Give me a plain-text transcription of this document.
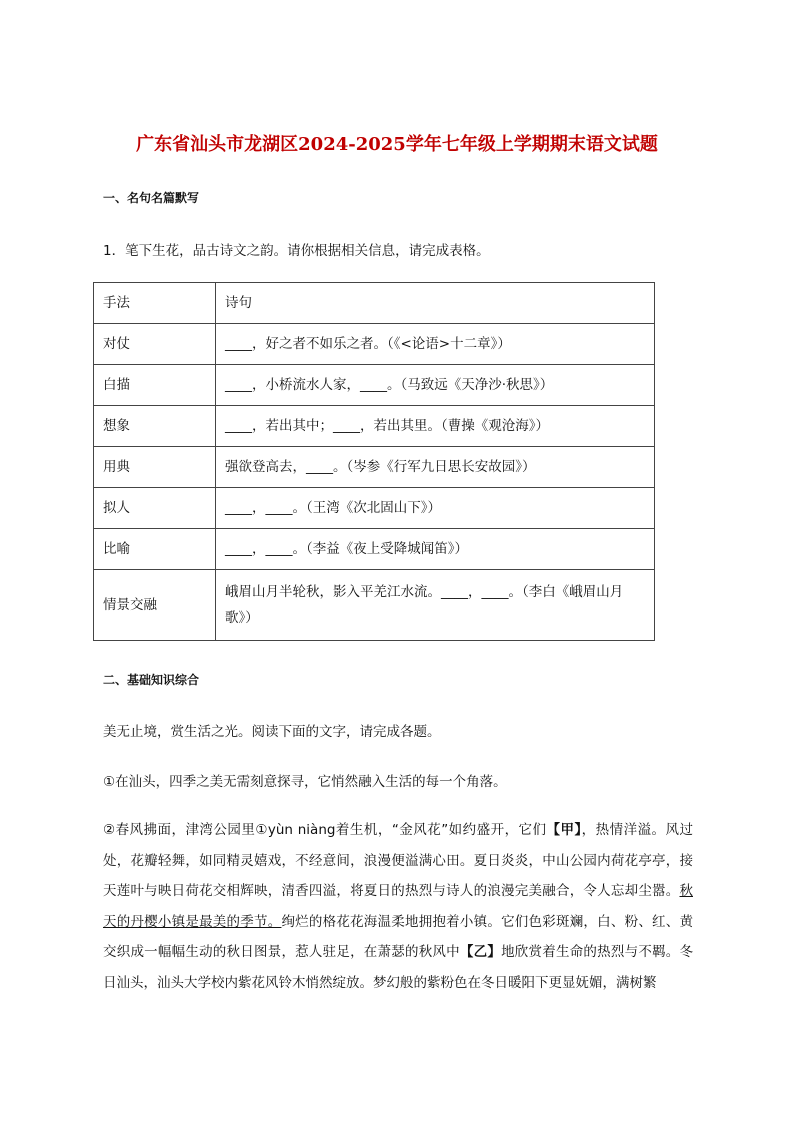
广东省汕头市龙湖区2024-2025学年七年级上学期期末语文试题
一、名句名篇默写
1．笔下生花，品古诗文之韵。请你根据相关信息，请完成表格。
手法	诗句
对仗	____，好之者不如乐之者。（《<论语>十二章》）
白描	____，小桥流水人家，____。（马致远《天净沙·秋思》）
想象	____，若出其中；____，若出其里。（曹操《观沧海》）
用典	强欲登高去，____。（岑参《行军九日思长安故园》）
拟人	____，____。（王湾《次北固山下》）
比喻	____，____。（李益《夜上受降城闻笛》）
情景交融	峨眉山月半轮秋，影入平羌江水流。____，____。（李白《峨眉山月歌》）
二、基础知识综合
美无止境，赏生活之光。阅读下面的文字，请完成各题。
①在汕头，四季之美无需刻意探寻，它悄然融入生活的每一个角落。
②春风拂面，津湾公园里①yùn niàng着生机，“金风花”如约盛开，它们【甲】，热情洋溢。风过处，花瓣轻舞，如同精灵嬉戏，不经意间，浪漫便溢满心田。夏日炎炎，中山公园内荷花亭亭，接天莲叶与映日荷花交相辉映，清香四溢，将夏日的热烈与诗人的浪漫完美融合，令人忘却尘嚣。秋天的丹樱小镇是最美的季节。绚烂的格花花海温柔地拥抱着小镇。它们色彩斑斓，白、粉、红、黄交织成一幅幅生动的秋日图景，惹人驻足，在萧瑟的秋风中【乙】地欣赏着生命的热烈与不羁。冬日汕头，汕头大学校内紫花风铃木悄然绽放。梦幻般的紫粉色在冬日暖阳下更显妩媚，满树繁
